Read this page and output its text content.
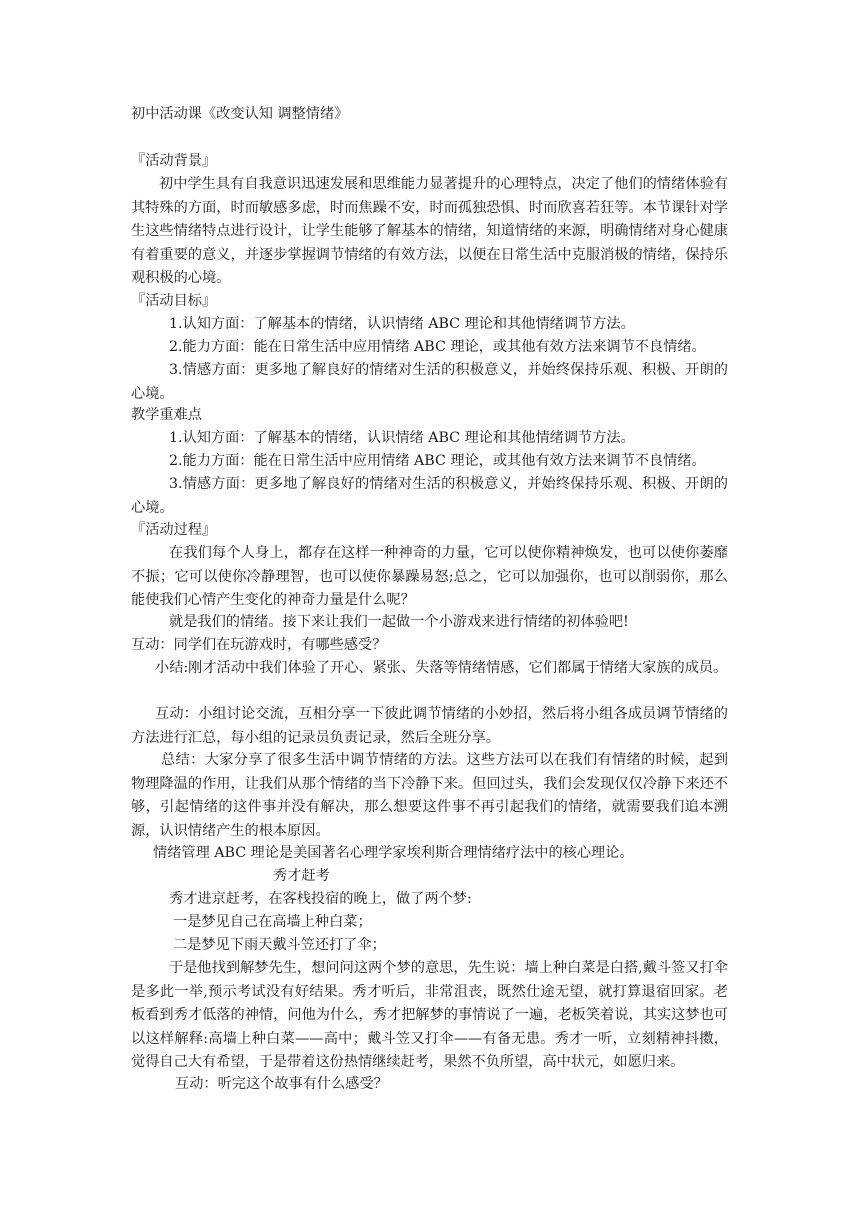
初中活动课《改变认知 调整情绪》

『活动背景』

初中学生具有自我意识迅速发展和思维能力显著提升的心理特点，决定了他们的情绪体验有其特殊的方面，时而敏感多虑，时而焦躁不安，时而孤独恐惧、时而欣喜若狂等。本节课针对学生这些情绪特点进行设计，让学生能够了解基本的情绪，知道情绪的来源，明确情绪对身心健康有着重要的意义，并逐步掌握调节情绪的有效方法，以便在日常生活中克服消极的情绪，保持乐观积极的心境。

『活动目标』

1.认知方面：了解基本的情绪，认识情绪 ABC 理论和其他情绪调节方法。

2.能力方面：能在日常生活中应用情绪 ABC 理论，或其他有效方法来调节不良情绪。

3.情感方面：更多地了解良好的情绪对生活的积极意义，并始终保持乐观、积极、开朗的心境。

教学重难点

1.认知方面：了解基本的情绪，认识情绪 ABC 理论和其他情绪调节方法。

2.能力方面：能在日常生活中应用情绪 ABC 理论，或其他有效方法来调节不良情绪。

3.情感方面：更多地了解良好的情绪对生活的积极意义，并始终保持乐观、积极、开朗的心境。

『活动过程』

在我们每个人身上，都存在这样一种神奇的力量，它可以使你精神焕发，也可以使你萎靡不振；它可以使你冷静理智，也可以使你暴躁易怒;总之，它可以加强你，也可以削弱你，那么能使我们心情产生变化的神奇力量是什么呢？

就是我们的情绪。接下来让我们一起做一个小游戏来进行情绪的初体验吧!

互动：同学们在玩游戏时，有哪些感受？

小结:刚才活动中我们体验了开心、紧张、失落等情绪情感，它们都属于情绪大家族的成员。

互动：小组讨论交流，互相分享一下彼此调节情绪的小妙招，然后将小组各成员调节情绪的方法进行汇总，每小组的记录员负责记录，然后全班分享。

总结：大家分享了很多生活中调节情绪的方法。这些方法可以在我们有情绪的时候，起到物理降温的作用，让我们从那个情绪的当下冷静下来。但回过头，我们会发现仅仅冷静下来还不够，引起情绪的这件事并没有解决，那么想要这件事不再引起我们的情绪，就需要我们追本溯源，认识情绪产生的根本原因。

情绪管理 ABC 理论是美国著名心理学家埃利斯合理情绪疗法中的核心理论。

秀才赶考

秀才进京赶考，在客栈投宿的晚上，做了两个梦:

一是梦见自己在高墙上种白菜；

二是梦见下雨天戴斗笠还打了伞；

于是他找到解梦先生，想问问这两个梦的意思，先生说：墙上种白菜是白搭,戴斗签又打伞是多此一举,预示考试没有好结果。秀才听后，非常沮丧，既然仕途无望，就打算退宿回家。老板看到秀才低落的神情，问他为什么，秀才把解梦的事情说了一遍，老板笑着说，其实这梦也可以这样解释:高墙上种白菜——高中；戴斗笠又打伞——有备无患。秀才一听，立刻精神抖擞，觉得自己大有希望，于是带着这份热情继续赶考，果然不负所望，高中状元，如愿归来。

互动：听完这个故事有什么感受？
